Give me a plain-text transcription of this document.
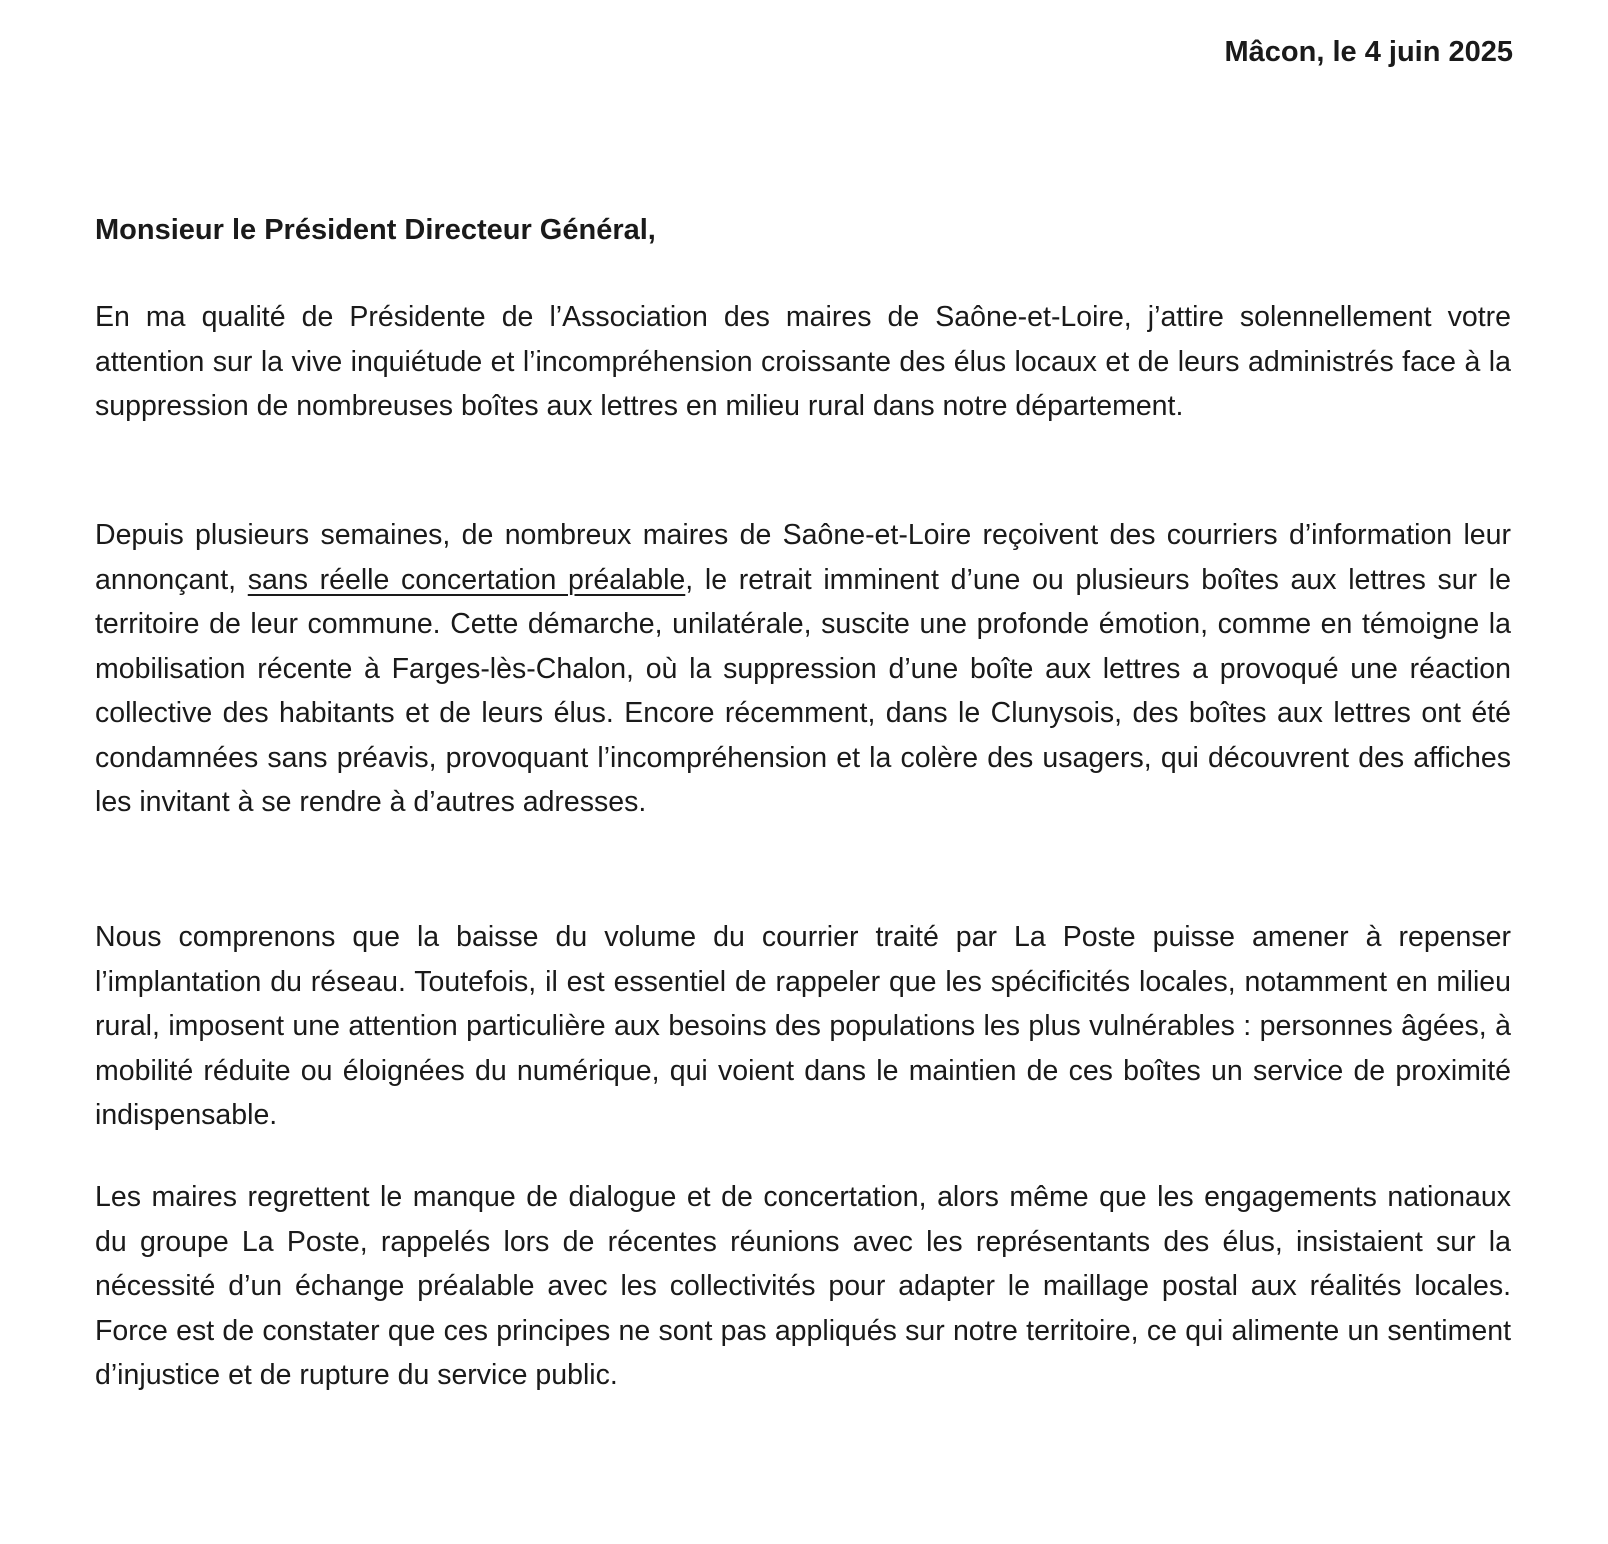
Mâcon, le 4 juin 2025
Monsieur le Président Directeur Général,

En ma qualité de Présidente de l’Association des maires de Saône-et-Loire, j’attire solennellement votre attention sur la vive inquiétude et l’incompréhension croissante des élus locaux et de leurs administrés face à la suppression de nombreuses boîtes aux lettres en milieu rural dans notre département.

Depuis plusieurs semaines, de nombreux maires de Saône-et-Loire reçoivent des courriers d’information leur annonçant, sans réelle concertation préalable, le retrait imminent d’une ou plusieurs boîtes aux lettres sur le territoire de leur commune. Cette démarche, unilatérale, suscite une profonde émotion, comme en témoigne la mobilisation récente à Farges-lès-Chalon, où la suppression d’une boîte aux lettres a provoqué une réaction collective des habitants et de leurs élus. Encore récemment, dans le Clunysois, des boîtes aux lettres ont été condamnées sans préavis, provoquant l’incompréhension et la colère des usagers, qui découvrent des affiches les invitant à se rendre à d’autres adresses.

Nous comprenons que la baisse du volume du courrier traité par La Poste puisse amener à repenser l’implantation du réseau. Toutefois, il est essentiel de rappeler que les spécificités locales, notamment en milieu rural, imposent une attention particulière aux besoins des populations les plus vulnérables : personnes âgées, à mobilité réduite ou éloignées du numérique, qui voient dans le maintien de ces boîtes un service de proximité indispensable.

Les maires regrettent le manque de dialogue et de concertation, alors même que les engagements nationaux du groupe La Poste, rappelés lors de récentes réunions avec les représentants des élus, insistaient sur la nécessité d’un échange préalable avec les collectivités pour adapter le maillage postal aux réalités locales. Force est de constater que ces principes ne sont pas appliqués sur notre territoire, ce qui alimente un sentiment d’injustice et de rupture du service public.
